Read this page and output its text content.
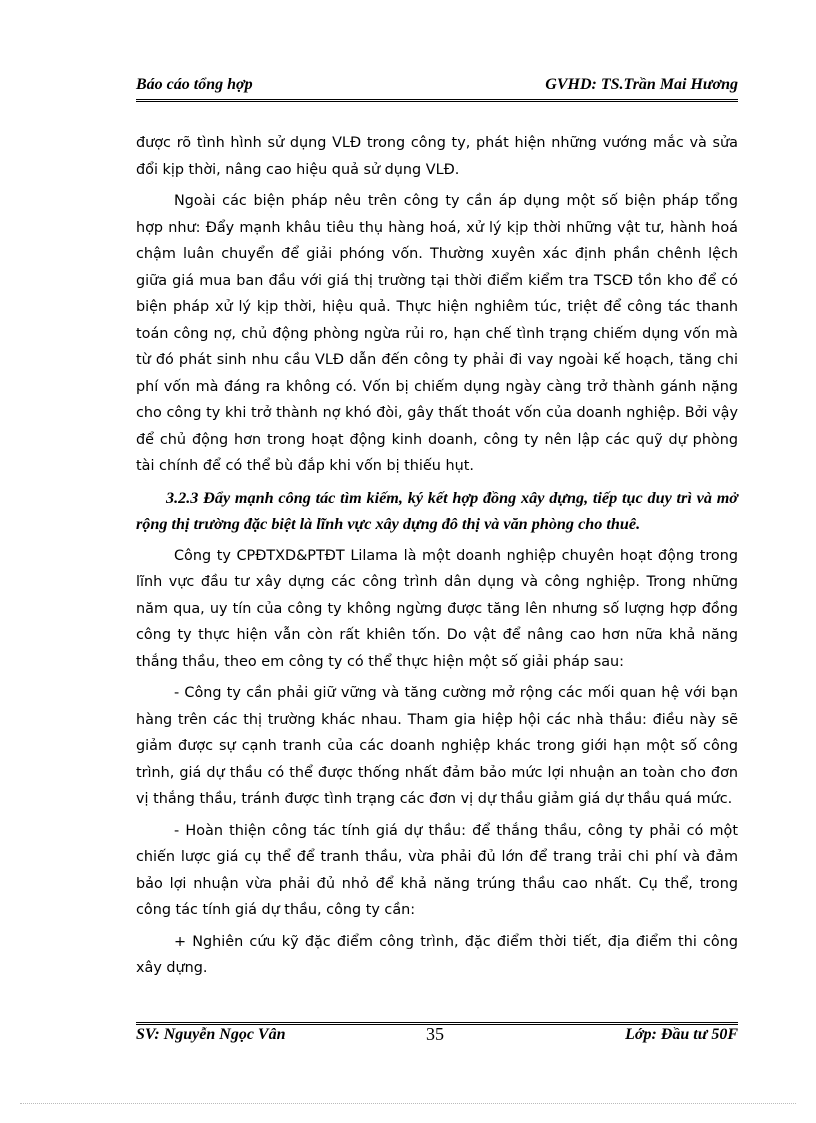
Báo cáo tổng hợp	GVHD: TS.Trần Mai Hương

được rõ tình hình sử dụng VLĐ trong công ty, phát hiện những vướng mắc và sửa đổi kịp thời, nâng cao hiệu quả sử dụng VLĐ.

Ngoài các biện pháp nêu trên công ty cần áp dụng một số biện pháp tổng hợp như: Đẩy mạnh khâu tiêu thụ hàng hoá, xử lý kịp thời những vật tư, hành hoá chậm luân chuyển để giải phóng vốn. Thường xuyên xác định phần chênh lệch giữa giá mua ban đầu với giá thị trường tại thời điểm kiểm tra TSCĐ tồn kho để có biện pháp xử lý kịp thời, hiệu quả. Thực hiện nghiêm túc, triệt để công tác thanh toán công nợ, chủ động phòng ngừa rủi ro, hạn chế tình trạng chiếm dụng vốn mà từ đó phát sinh nhu cầu VLĐ dẫn đến công ty phải đi vay ngoài kế hoạch, tăng chi phí vốn mà đáng ra không có. Vốn bị chiếm dụng ngày càng trở thành gánh nặng cho công ty khi trở thành nợ khó đòi, gây thất thoát vốn của doanh nghiệp. Bởi vậy để chủ động hơn trong hoạt động kinh doanh, công ty nên lập các quỹ dự phòng tài chính để có thể bù đắp khi vốn bị thiếu hụt.

3.2.3 Đẩy mạnh công tác tìm kiếm, ký kết hợp đồng xây dựng, tiếp tục duy trì và mở rộng thị trường đặc biệt là lĩnh vực xây dựng đô thị và văn phòng cho thuê.

Công ty CPĐTXD&PTĐT Lilama là một doanh nghiệp chuyên hoạt động trong lĩnh vực đầu tư xây dựng các công trình dân dụng và công nghiệp. Trong những năm qua, uy tín của công ty không ngừng được tăng lên nhưng số lượng hợp đồng công ty thực hiện vẫn còn rất khiên tốn. Do vật để nâng cao hơn nữa khả năng thắng thầu, theo em công ty có thể thực hiện một số giải pháp sau:

- Công ty cần phải giữ vững và tăng cường mở rộng các mối quan hệ với bạn hàng trên các thị trường khác nhau. Tham gia hiệp hội các nhà thầu: điều này sẽ giảm được sự cạnh tranh của các doanh nghiệp khác trong giới hạn một số công trình, giá dự thầu có thể được thống nhất đảm bảo mức lợi nhuận an toàn cho đơn vị thắng thầu, tránh được tình trạng các đơn vị dự thầu giảm giá dự thầu quá mức.

- Hoàn thiện công tác tính giá dự thầu: để thắng thầu, công ty phải có một chiến lược giá cụ thể để tranh thầu, vừa phải đủ lớn để trang trải chi phí và đảm bảo lợi nhuận vừa phải đủ nhỏ để khả năng trúng thầu cao nhất. Cụ thể, trong công tác tính giá dự thầu, công ty cần:

+ Nghiên cứu kỹ đặc điểm công trình, đặc điểm thời tiết, địa điểm thi công xây dựng.

SV: Nguyễn Ngọc Vân	35	Lớp: Đầu tư 50F
